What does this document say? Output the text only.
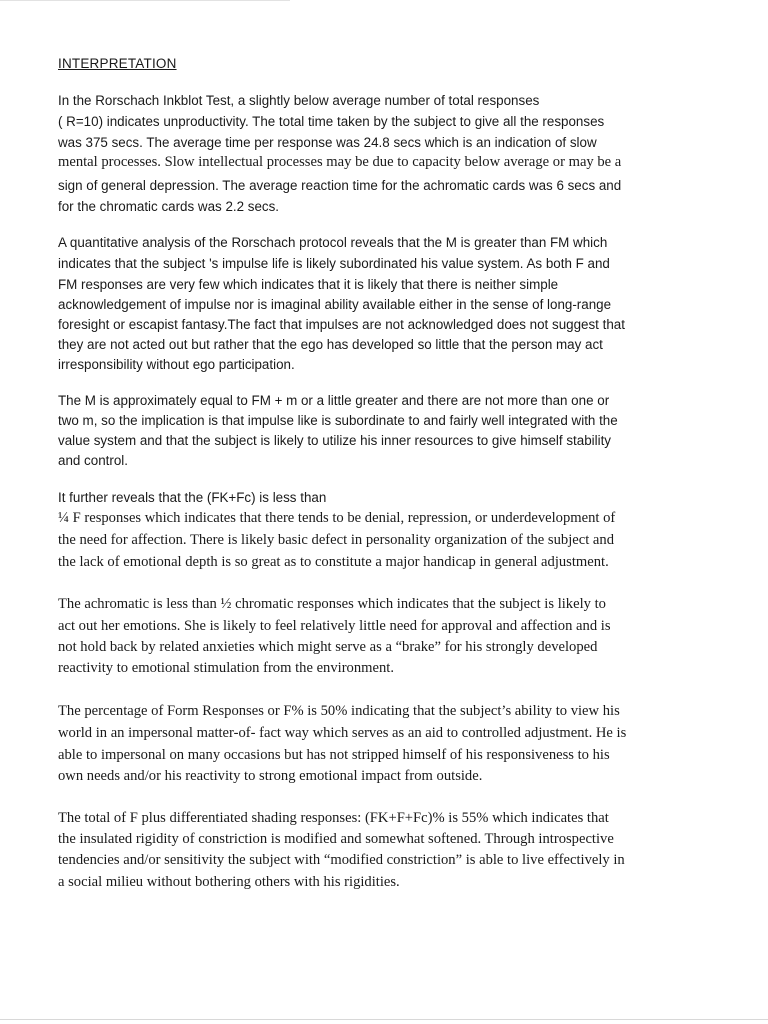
INTERPRETATION
In the Rorschach Inkblot Test, a slightly below average number of total responses
( R=10) indicates unproductivity. The total time taken by the subject to give all the responses
was 375 secs. The average time per response was 24.8 secs which is an indication of slow
mental processes. Slow intellectual processes may be due to capacity below average or may be a
sign of general depression. The average reaction time for the achromatic cards was 6 secs and
for the chromatic cards was 2.2 secs.
A quantitative analysis of the Rorschach protocol reveals that the M is greater than FM which
indicates that the subject 's impulse life is likely subordinated his value system. As both F and
FM responses are very few which indicates that it is likely that there is neither simple
acknowledgement of impulse nor is imaginal ability available either in the sense of long-range
foresight or escapist fantasy.The fact that impulses are not acknowledged does not suggest that
they are not acted out but rather that the ego has developed so little that the person may act
irresponsibility without ego participation.
The M is approximately equal to FM + m or a little greater and there are not more than one or
two m, so the implication is that impulse like is subordinate to and fairly well integrated with the
value system and that the subject is likely to utilize his inner resources to give himself stability
and control.
It further reveals that the (FK+Fc) is less than
¼ F responses which indicates that there tends to be denial, repression, or underdevelopment of
the need for affection. There is likely basic defect in personality organization of the subject and
the lack of emotional depth is so great as to constitute a major handicap in general adjustment.
The achromatic is less than ½ chromatic responses which indicates that the subject is likely to
act out her emotions. She is likely to feel relatively little need for approval and affection and is
not hold back by related anxieties which might serve as a “brake” for his strongly developed
reactivity to emotional stimulation from the environment.
The percentage of Form Responses or F% is 50% indicating that the subject’s ability to view his
world in an impersonal matter-of- fact way which serves as an aid to controlled adjustment. He is
able to impersonal on many occasions but has not stripped himself of his responsiveness to his
own needs and/or his reactivity to strong emotional impact from outside.
The total of F plus differentiated shading responses: (FK+F+Fc)% is 55% which indicates that
the insulated rigidity of constriction is modified and somewhat softened. Through introspective
tendencies and/or sensitivity the subject with “modified constriction” is able to live effectively in
a social milieu without bothering others with his rigidities.
